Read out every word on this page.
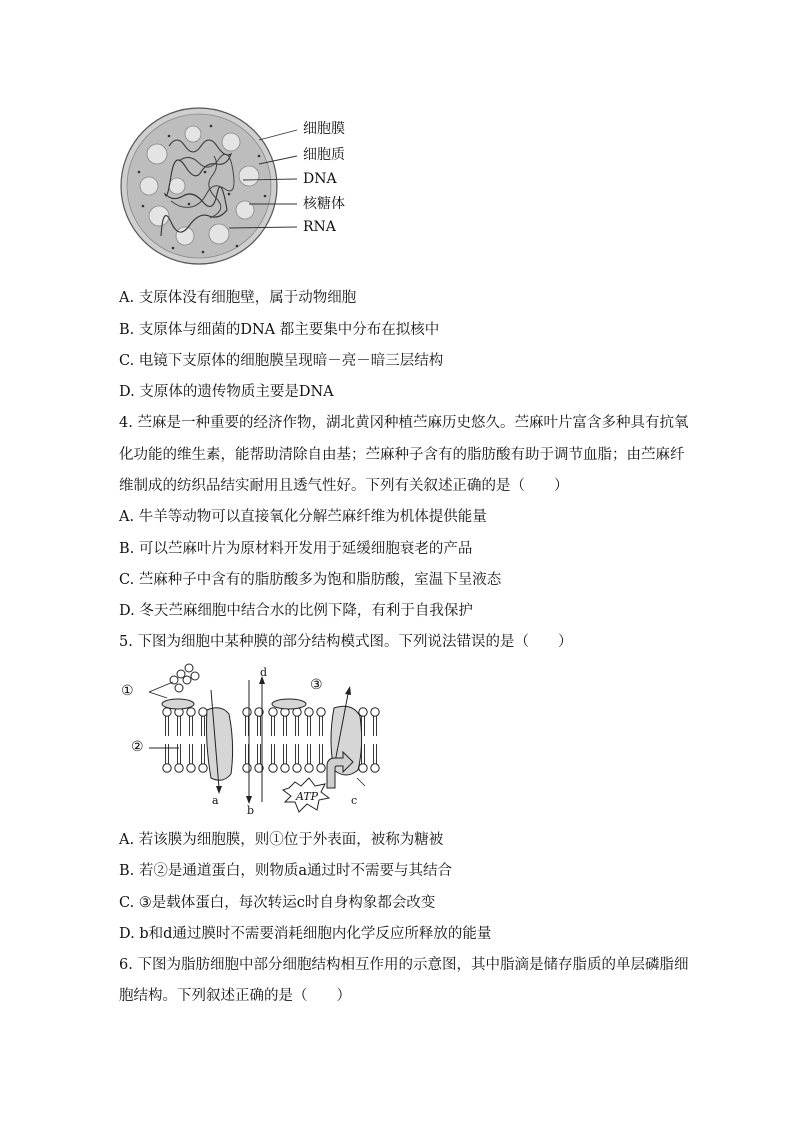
细胞膜
细胞质
DNA
核糖体
RNA
A. 支原体没有细胞壁，属于动物细胞
B. 支原体与细菌的DNA 都主要集中分布在拟核中
C. 电镜下支原体的细胞膜呈现暗－亮－暗三层结构
D. 支原体的遗传物质主要是DNA
4. 苎麻是一种重要的经济作物，湖北黄冈种植苎麻历史悠久。苎麻叶片富含多种具有抗氧
化功能的维生素，能帮助清除自由基；苎麻种子含有的脂肪酸有助于调节血脂；由苎麻纤
维制成的纺织品结实耐用且透气性好。下列有关叙述正确的是（　　）
A. 牛羊等动物可以直接氧化分解苎麻纤维为机体提供能量
B. 可以苎麻叶片为原材料开发用于延缓细胞衰老的产品
C. 苎麻种子中含有的脂肪酸多为饱和脂肪酸，室温下呈液态
D. 冬天苎麻细胞中结合水的比例下降，有利于自我保护
5. 下图为细胞中某种膜的部分结构模式图。下列说法错误的是（　　）
①
②
③
d
a
b
c
ATP
A. 若该膜为细胞膜，则①位于外表面，被称为糖被
B. 若②是通道蛋白，则物质a通过时不需要与其结合
C. ③是载体蛋白，每次转运c时自身构象都会改变
D. b和d通过膜时不需要消耗细胞内化学反应所释放的能量
6. 下图为脂肪细胞中部分细胞结构相互作用的示意图，其中脂滴是储存脂质的单层磷脂细
胞结构。下列叙述正确的是（　　）
